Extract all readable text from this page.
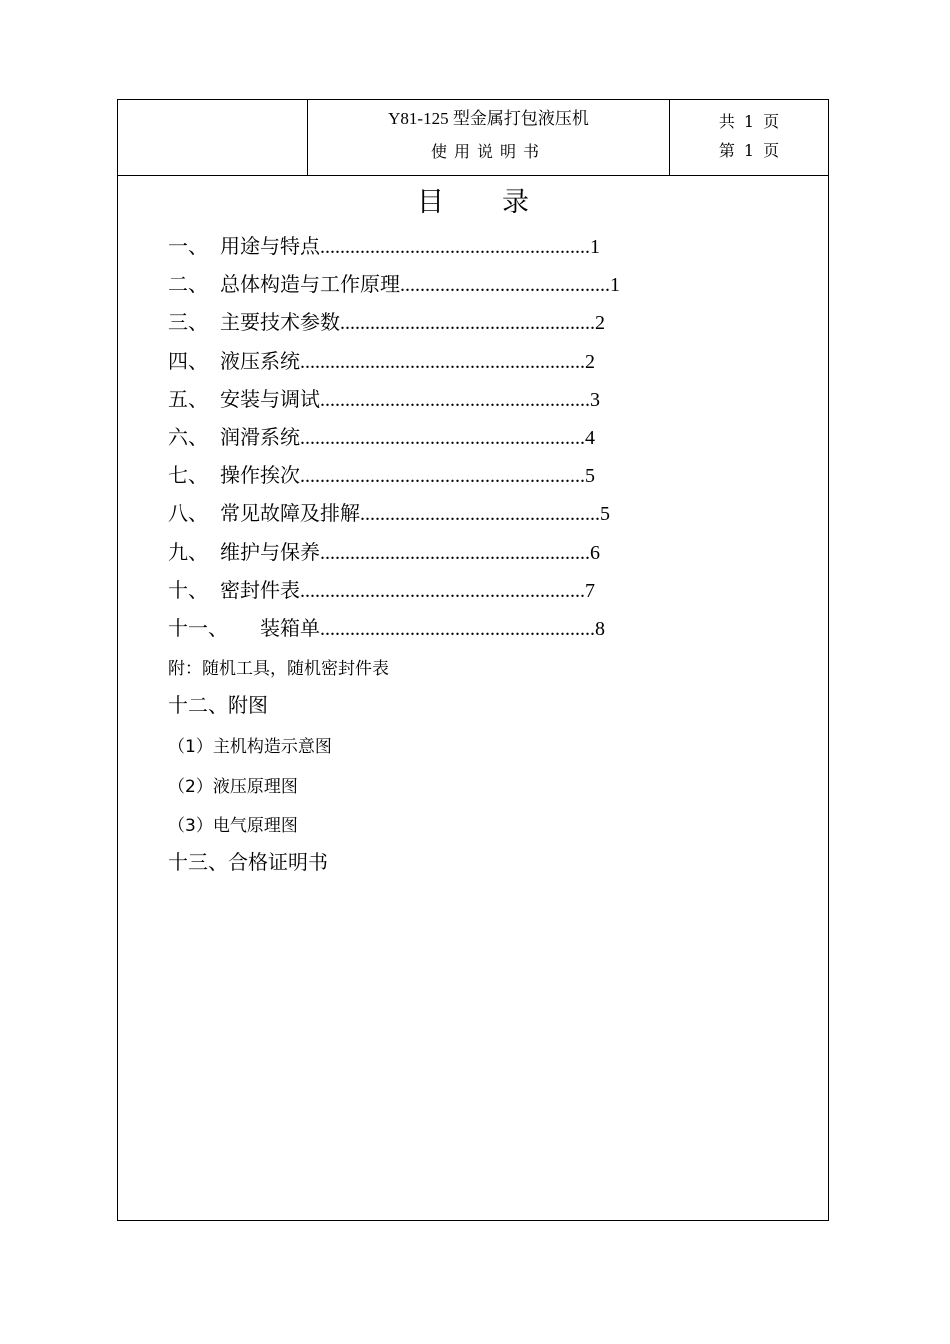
Y81-125 型金属打包液压机
使用说明书
共 1 页
第 1 页
目 录
一、 用途与特点......................................................1
二、 总体构造与工作原理..........................................1
三、 主要技术参数...................................................2
四、 液压系统.........................................................2
五、 安装与调试......................................................3
六、 润滑系统.........................................................4
七、 操作挨次.........................................................5
八、 常见故障及排解................................................5
九、 维护与保养......................................................6
十、 密封件表.........................................................7
十一、 装箱单.......................................................8
附：随机工具，随机密封件表
十二、附图
（1）主机构造示意图
（2）液压原理图
（3）电气原理图
十三、合格证明书
